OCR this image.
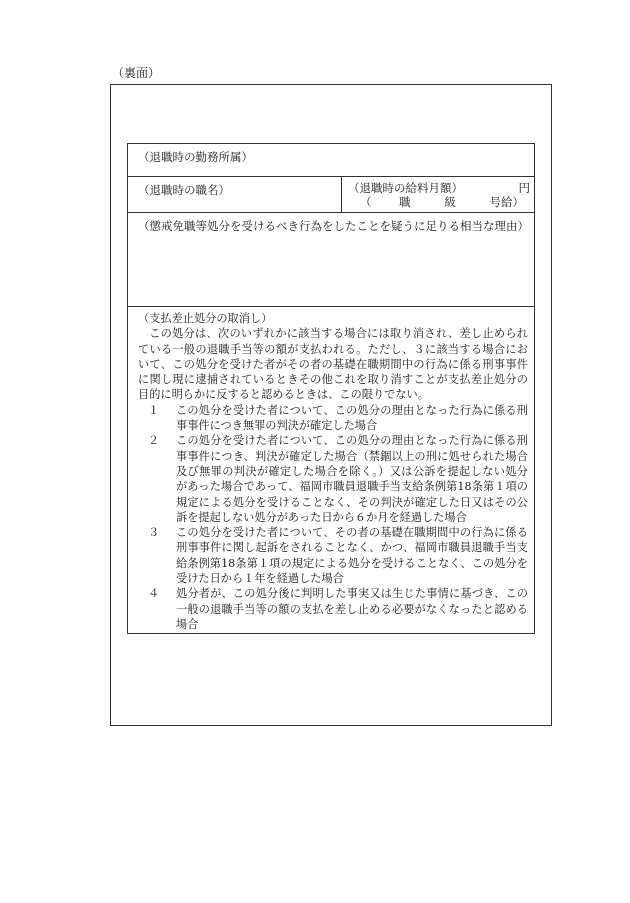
（裏面）
（退職時の勤務所属）
（退職時の職名）	（退職時の給料月額）	円
（ 職	級	号給）
（懲戒免職等処分を受けるべき行為をしたことを疑うに足りる相当な理由）

（支払差止処分の取消し）

この処分は、次のいずれかに該当する場合には取り消され、差し止められている一般の退職手当等の額が支払われる。ただし、３に該当する場合において、この処分を受けた者がその者の基礎在職期間中の行為に係る刑事事件に関し現に逮捕されているときその他これを取り消すことが支払差止処分の目的に明らかに反すると認めるときは、この限りでない。

１	この処分を受けた者について、この処分の理由となった行為に係る刑事事件につき無罪の判決が確定した場合
２	この処分を受けた者について、この処分の理由となった行為に係る刑事事件につき、判決が確定した場合（禁錮以上の刑に処せられた場合及び無罪の判決が確定した場合を除く。）又は公訴を提起しない処分があった場合であって、福岡市職員退職手当支給条例第18条第１項の規定による処分を受けることなく、その判決が確定した日又はその公訴を提起しない処分があった日から６か月を経過した場合
３	この処分を受けた者について、その者の基礎在職期間中の行為に係る刑事事件に関し起訴をされることなく、かつ、福岡市職員退職手当支給条例第18条第１項の規定による処分を受けることなく、この処分を受けた日から１年を経過した場合
４	処分者が、この処分後に判明した事実又は生じた事情に基づき、この一般の退職手当等の額の支払を差し止める必要がなくなったと認める場合
